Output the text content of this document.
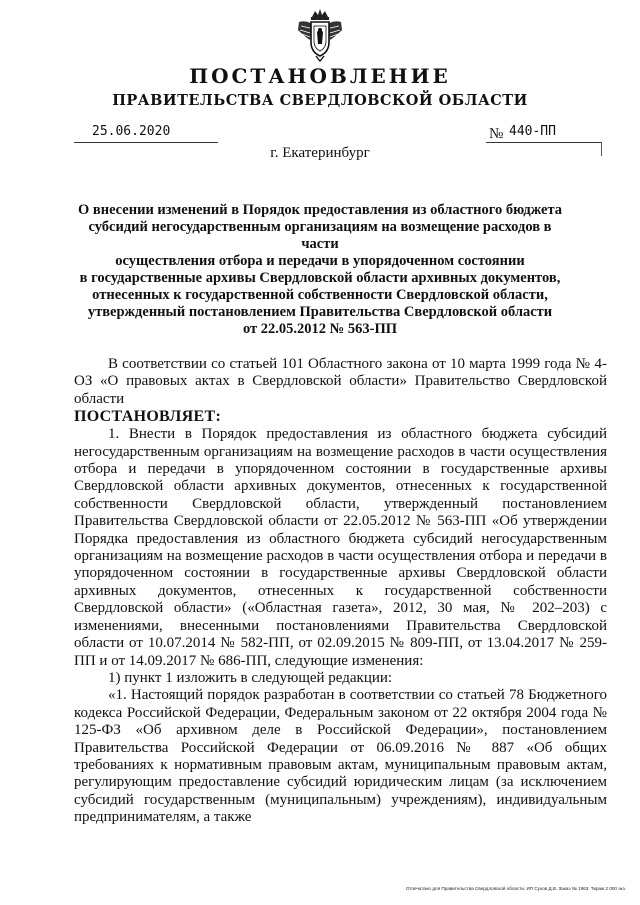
ПОСТАНОВЛЕНИЕ
ПРАВИТЕЛЬСТВА СВЕРДЛОВСКОЙ ОБЛАСТИ
25.06.2020	№ 440-ПП
г. Екатеринбург
О внесении изменений в Порядок предоставления из областного бюджета
субсидий негосударственным организациям на возмещение расходов в части
осуществления отбора и передачи в упорядоченном состоянии
в государственные архивы Свердловской области архивных документов,
отнесенных к государственной собственности Свердловской области,
утвержденный постановлением Правительства Свердловской области
от 22.05.2012 № 563-ПП

В соответствии со статьей 101 Областного закона от 10 марта 1999 года № 4-ОЗ «О правовых актах в Свердловской области» Правительство Свердловской области

ПОСТАНОВЛЯЕТ:

1. Внести в Порядок предоставления из областного бюджета субсидий негосударственным организациям на возмещение расходов в части осуществления отбора и передачи в упорядоченном состоянии в государственные архивы Свердловской области архивных документов, отнесенных к государственной собственности Свердловской области, утвержденный постановлением Правительства Свердловской области от 22.05.2012 № 563-ПП «Об утверждении Порядка предоставления из областного бюджета субсидий негосударственным организациям на возмещение расходов в части осуществления отбора и передачи в упорядоченном состоянии в государственные архивы Свердловской области архивных документов, отнесенных к государственной собственности Свердловской области» («Областная газета», 2012, 30 мая, № 202–203) с изменениями, внесенными постановлениями Правительства Свердловской области от 10.07.2014 № 582-ПП, от 02.09.2015 № 809-ПП, от 13.04.2017 № 259-ПП и от 14.09.2017 № 686-ПП, следующие изменения:

1) пункт 1 изложить в следующей редакции:

«1. Настоящий порядок разработан в соответствии со статьей 78 Бюджетного кодекса Российской Федерации, Федеральным законом от 22 октября 2004 года № 125-ФЗ «Об архивном деле в Российской Федерации», постановлением Правительства Российской Федерации от 06.09.2016 № 887 «Об общих требованиях к нормативным правовым актам, муниципальным правовым актам, регулирующим предоставление субсидий юридическим лицам (за исключением субсидий государственным (муниципальным) учреждениям), индивидуальным предпринимателям, а также

Отпечатано для Правительства Свердловской области. ИП Сухов Д.В. Заказ № 1963. Тираж 2 000 экз.
